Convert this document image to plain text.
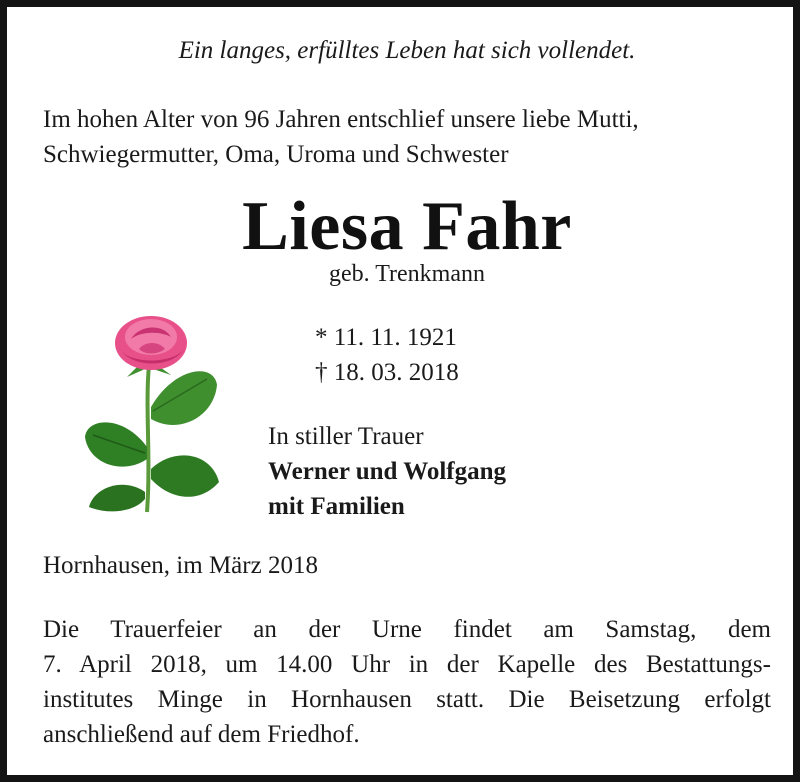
Ein langes, erfülltes Leben hat sich vollendet.
Im hohen Alter von 96 Jahren entschlief unsere liebe Mutti,
Schwiegermutter, Oma, Uroma und Schwester
Liesa Fahr
geb. Trenkmann
* 11. 11. 1921
† 18. 03. 2018
In stiller Trauer
Werner und Wolfgang
mit Familien
Hornhausen, im März 2018
Die Trauerfeier an der Urne findet am Samstag, dem
7. April 2018, um 14.00 Uhr in der Kapelle des Bestattungs-
institutes Minge in Hornhausen statt. Die Beisetzung erfolgt
anschließend auf dem Friedhof.
